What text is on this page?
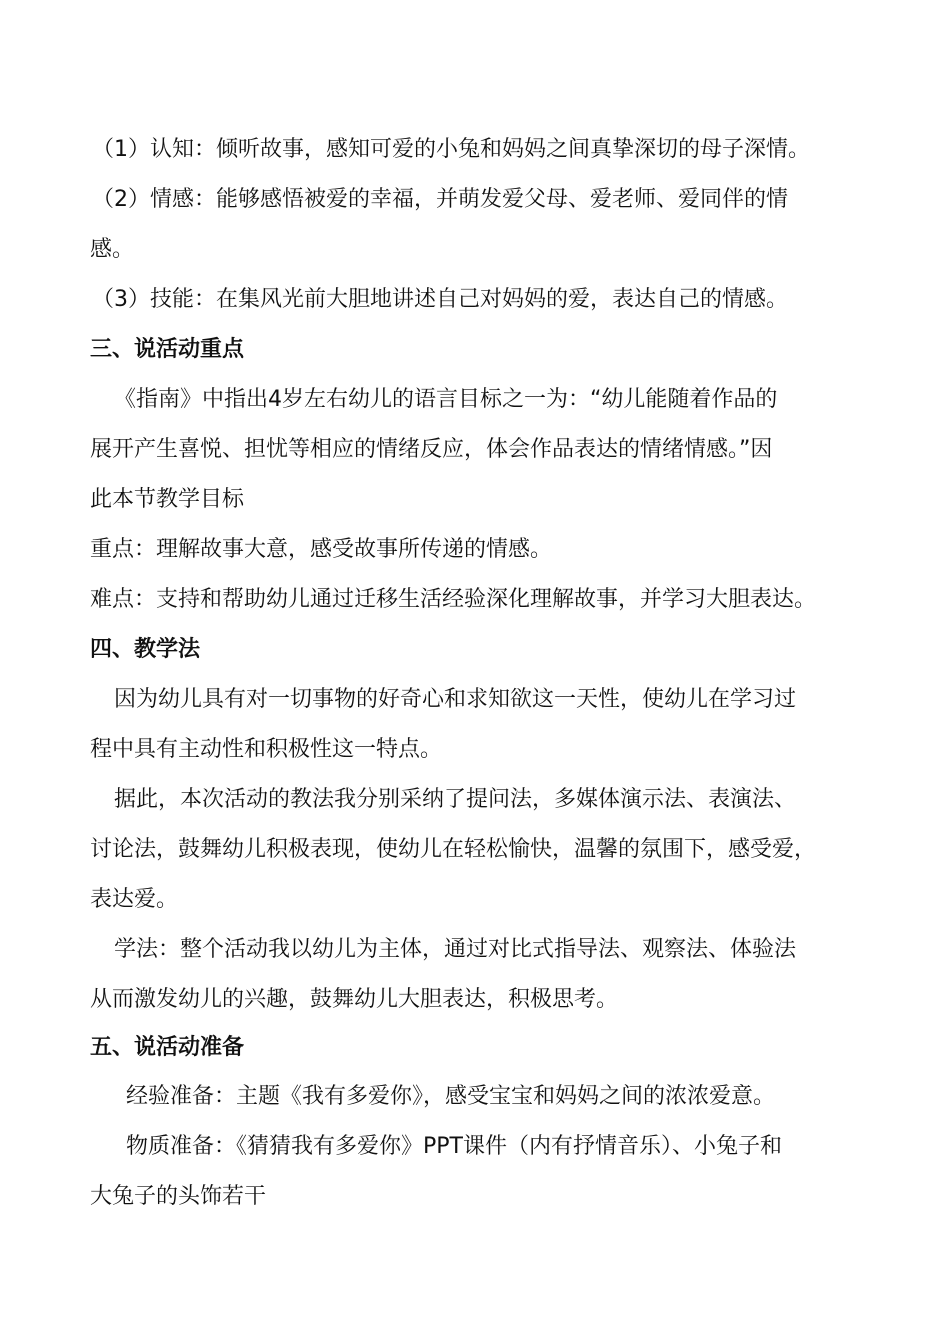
（1）认知：倾听故事，感知可爱的小兔和妈妈之间真挚深切的母子深情。
（2）情感：能够感悟被爱的幸福，并萌发爱父母、爱老师、爱同伴的情
感。
（3）技能：在集风光前大胆地讲述自己对妈妈的爱，表达自己的情感。
三、说活动重点
《指南》中指出4岁左右幼儿的语言目标之一为：“幼儿能随着作品的
展开产生喜悦、担忧等相应的情绪反应，体会作品表达的情绪情感。”因
此本节教学目标
重点：理解故事大意，感受故事所传递的情感。
难点：支持和帮助幼儿通过迁移生活经验深化理解故事，并学习大胆表达。
四、教学法
因为幼儿具有对一切事物的好奇心和求知欲这一天性，使幼儿在学习过
程中具有主动性和积极性这一特点。
据此，本次活动的教法我分别采纳了提问法，多媒体演示法、表演法、
讨论法，鼓舞幼儿积极表现，使幼儿在轻松愉快，温馨的氛围下，感受爱，
表达爱。
学法：整个活动我以幼儿为主体，通过对比式指导法、观察法、体验法
从而激发幼儿的兴趣，鼓舞幼儿大胆表达，积极思考。
五、说活动准备
经验准备：主题《我有多爱你》，感受宝宝和妈妈之间的浓浓爱意。
物质准备：《猜猜我有多爱你》PPT课件（内有抒情音乐）、小兔子和
大兔子的头饰若干
